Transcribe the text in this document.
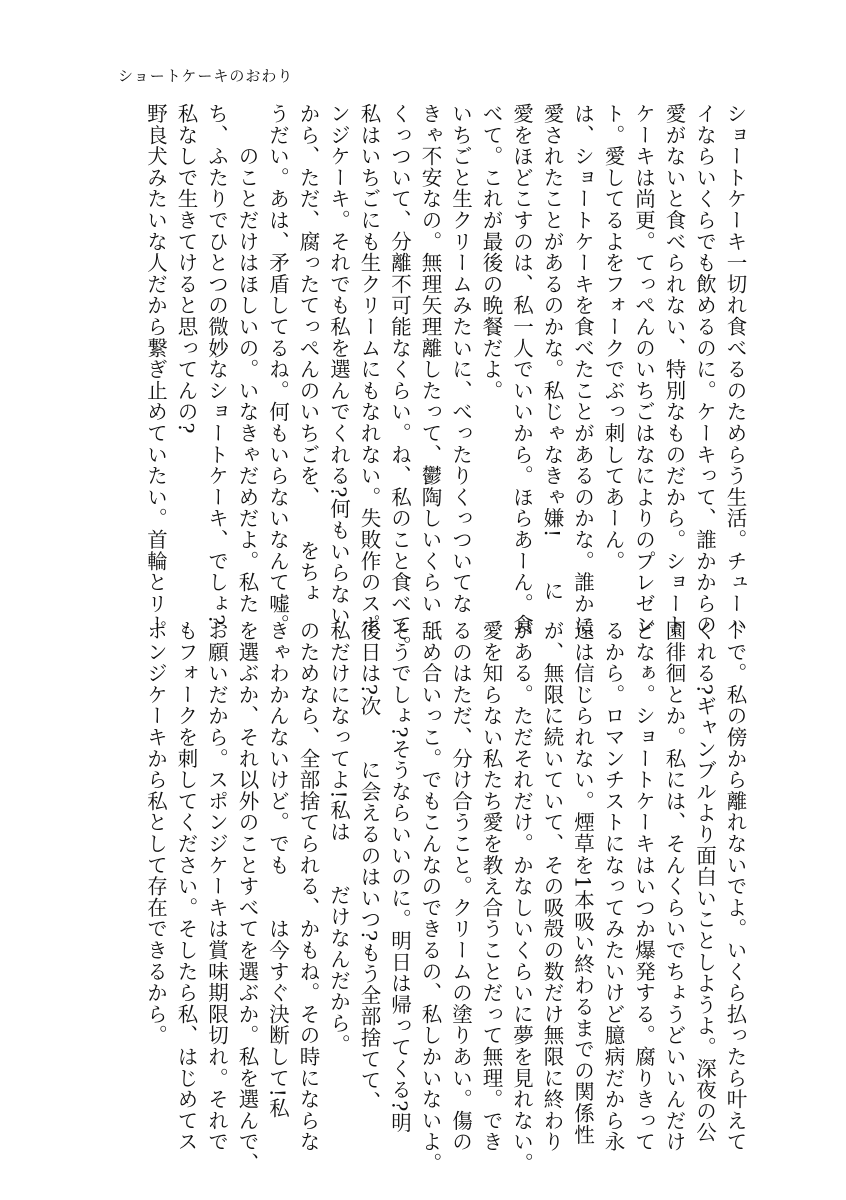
ショートケーキのおわり
ショートケーキ一切れ食べるのためらう生活。チューハ
イならいくらでも飲めるのに。ケーキって、誰かからの
愛がないと食べられない、特別なものだから。ショート
ケーキは尚更。てっぺんのいちごはなによりのプレゼン
ト。愛してるよをフォークでぶっ刺してあーん。
は、ショートケーキを食べたことがあるのかな。誰かに
愛されたことがあるのかな。私じゃなきゃ嫌!　　に
愛をほどこすのは、私一人でいいから。ほらあーん。食
べて。これが最後の晩餐だよ。
いちごと生クリームみたいに、べったりくっついてな
きゃ不安なの。無理矢理離したって、鬱陶しいくらい
くっついて、分離不可能なくらい。ね、私のこと食べて。
私はいちごにも生クリームにもなれない。失敗作のスポ
ンジケーキ。それでも私を選んでくれる?何もいらない
から、ただ、腐ったてっぺんのいちごを、　　をちょ
うだい。あは、矛盾してるね。何もいらないなんて嘘。
　　のことだけはほしいの。いなきゃだめだよ。私た
ち、ふたりでひとつの微妙なショートケーキ、でしょ?
私なしで生きてけると思ってんの?
野良犬みたいな人だから繋ぎ止めていたい。首輪とリー
ドで。私の傍から離れないでよ。いくら払ったら叶えて
くれる?ギャンブルより面白いことしようよ。深夜の公
園徘徊とか。私には、そんくらいでちょうどいいんだけ
どなぁ。ショートケーキはいつか爆発する。腐りきって
るから。ロマンチストになってみたいけど臆病だから永
遠は信じられない。煙草を1本吸い終わるまでの関係性
が、無限に続いていて、その吸殻の数だけ無限に終わり
がある。ただそれだけ。かなしいくらいに夢を見れない。
愛を知らない私たち愛を教え合うことだって無理。でき
るのはただ、分け合うこと。クリームの塗りあい。傷の
舐め合いっこ。でもこんなのできるの、私しかいないよ。
そうでしょ?そうならいいのに。明日は帰ってくる?明
後日は?次　　に会えるのはいつ?もう全部捨てて、
私だけになってよ!私は　　だけなんだから。
のためなら、全部捨てられる、かもね。その時にならな
きゃわかんないけど。でも　　は今すぐ決断して!私
を選ぶか、それ以外のことすべてを選ぶか。私を選んで、
お願いだから。スポンジケーキは賞味期限切れ。それで
もフォークを刺してください。そしたら私、はじめてス
ポンジケーキから私として存在できるから。
